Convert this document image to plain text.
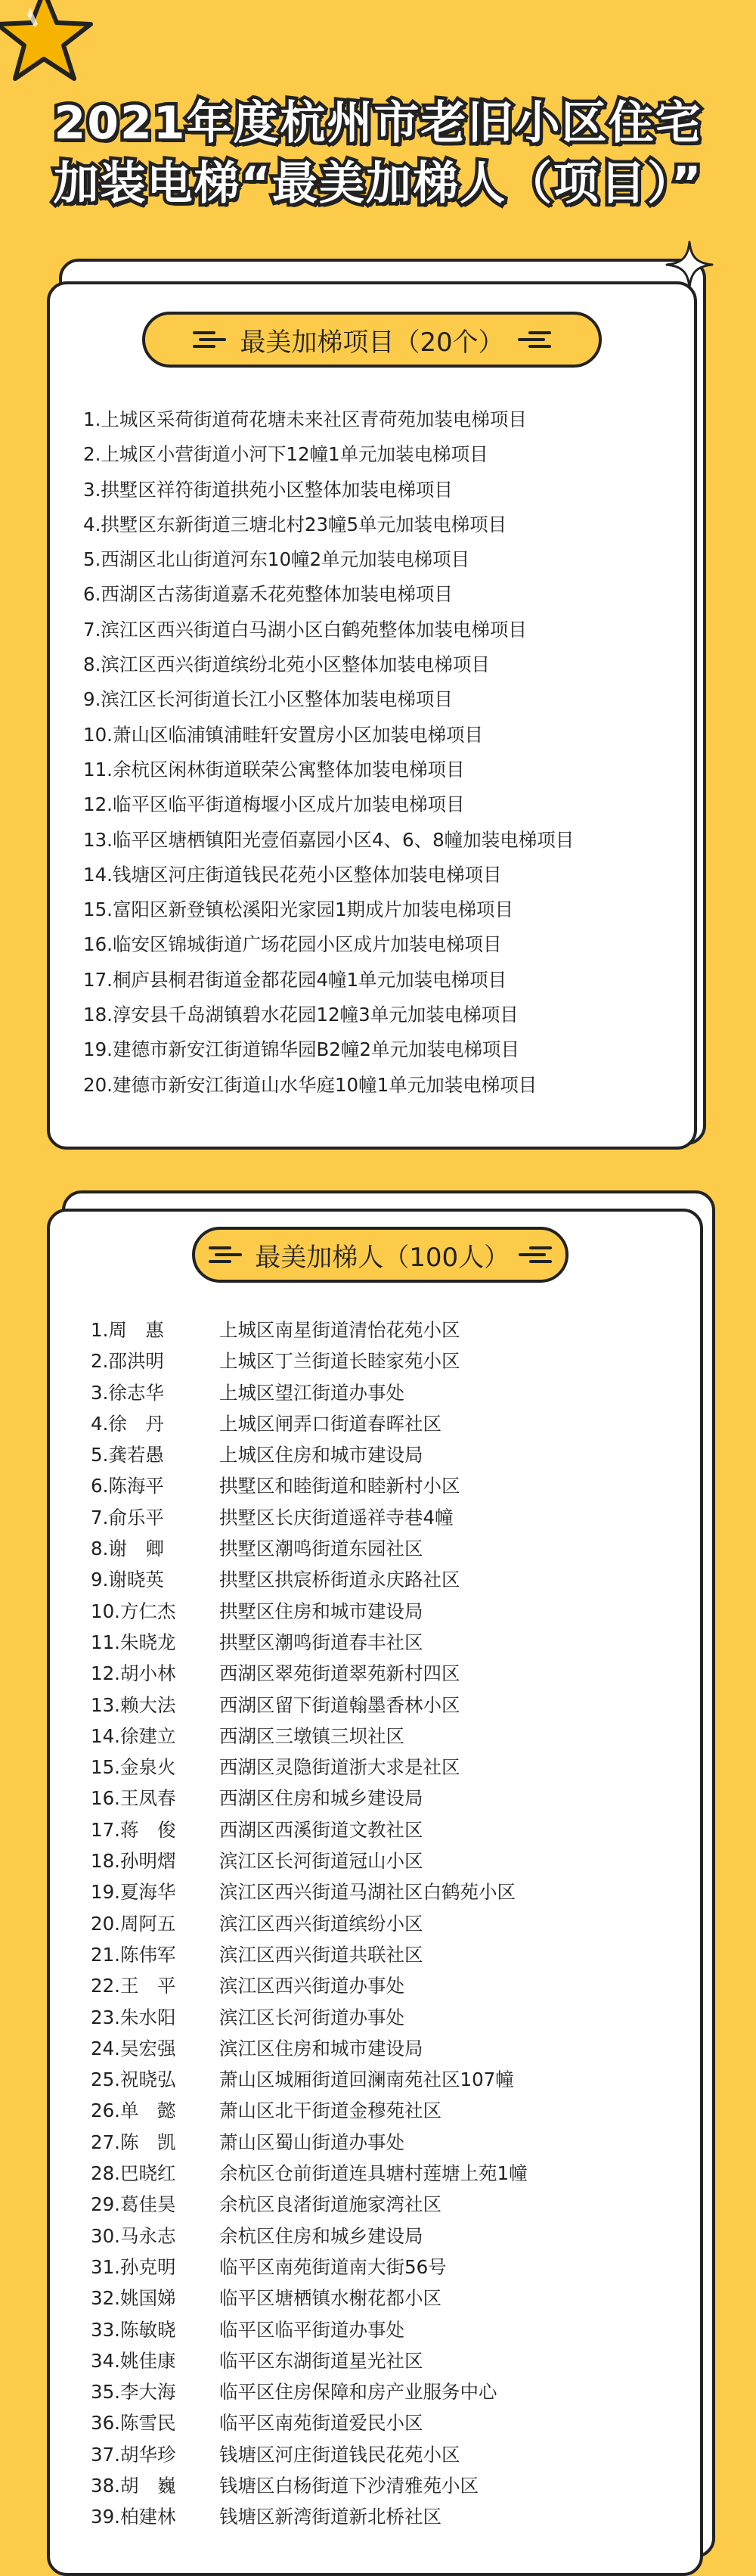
2021年度杭州市老旧小区住宅
加装电梯“最美加梯人（项目）”
最美加梯项目（20个）
1.上城区采荷街道荷花塘未来社区青荷苑加装电梯项目
2.上城区小营街道小河下12幢1单元加装电梯项目
3.拱墅区祥符街道拱苑小区整体加装电梯项目
4.拱墅区东新街道三塘北村23幢5单元加装电梯项目
5.西湖区北山街道河东10幢2单元加装电梯项目
6.西湖区古荡街道嘉禾花苑整体加装电梯项目
7.滨江区西兴街道白马湖小区白鹤苑整体加装电梯项目
8.滨江区西兴街道缤纷北苑小区整体加装电梯项目
9.滨江区长河街道长江小区整体加装电梯项目
10.萧山区临浦镇浦畦轩安置房小区加装电梯项目
11.余杭区闲林街道联荣公寓整体加装电梯项目
12.临平区临平街道梅堰小区成片加装电梯项目
13.临平区塘栖镇阳光壹佰嘉园小区4、6、8幢加装电梯项目
14.钱塘区河庄街道钱民花苑小区整体加装电梯项目
15.富阳区新登镇松溪阳光家园1期成片加装电梯项目
16.临安区锦城街道广场花园小区成片加装电梯项目
17.桐庐县桐君街道金都花园4幢1单元加装电梯项目
18.淳安县千岛湖镇碧水花园12幢3单元加装电梯项目
19.建德市新安江街道锦华园B2幢2单元加装电梯项目
20.建德市新安江街道山水华庭10幢1单元加装电梯项目
最美加梯人（100人）
1.周　惠	上城区南星街道清怡花苑小区
2.邵洪明	上城区丁兰街道长睦家苑小区
3.徐志华	上城区望江街道办事处
4.徐　丹	上城区闸弄口街道春晖社区
5.龚若愚	上城区住房和城市建设局
6.陈海平	拱墅区和睦街道和睦新村小区
7.俞乐平	拱墅区长庆街道遥祥寺巷4幢
8.谢　卿	拱墅区潮鸣街道东园社区
9.谢晓英	拱墅区拱宸桥街道永庆路社区
10.方仁杰	拱墅区住房和城市建设局
11.朱晓龙	拱墅区潮鸣街道春丰社区
12.胡小林	西湖区翠苑街道翠苑新村四区
13.赖大法	西湖区留下街道翰墨香林小区
14.徐建立	西湖区三墩镇三坝社区
15.金泉火	西湖区灵隐街道浙大求是社区
16.王凤春	西湖区住房和城乡建设局
17.蒋　俊	西湖区西溪街道文教社区
18.孙明熠	滨江区长河街道冠山小区
19.夏海华	滨江区西兴街道马湖社区白鹤苑小区
20.周阿五	滨江区西兴街道缤纷小区
21.陈伟军	滨江区西兴街道共联社区
22.王　平	滨江区西兴街道办事处
23.朱水阳	滨江区长河街道办事处
24.吴宏强	滨江区住房和城市建设局
25.祝晓弘	萧山区城厢街道回澜南苑社区107幢
26.单　懿	萧山区北干街道金穆苑社区
27.陈　凯	萧山区蜀山街道办事处
28.巴晓红	余杭区仓前街道连具塘村莲塘上苑1幢
29.葛佳昊	余杭区良渚街道施家湾社区
30.马永志	余杭区住房和城乡建设局
31.孙克明	临平区南苑街道南大街56号
32.姚国娣	临平区塘栖镇水榭花都小区
33.陈敏晓	临平区临平街道办事处
34.姚佳康	临平区东湖街道星光社区
35.李大海	临平区住房保障和房产业服务中心
36.陈雪民	临平区南苑街道爱民小区
37.胡华珍	钱塘区河庄街道钱民花苑小区
38.胡　巍	钱塘区白杨街道下沙清雅苑小区
39.柏建林	钱塘区新湾街道新北桥社区
